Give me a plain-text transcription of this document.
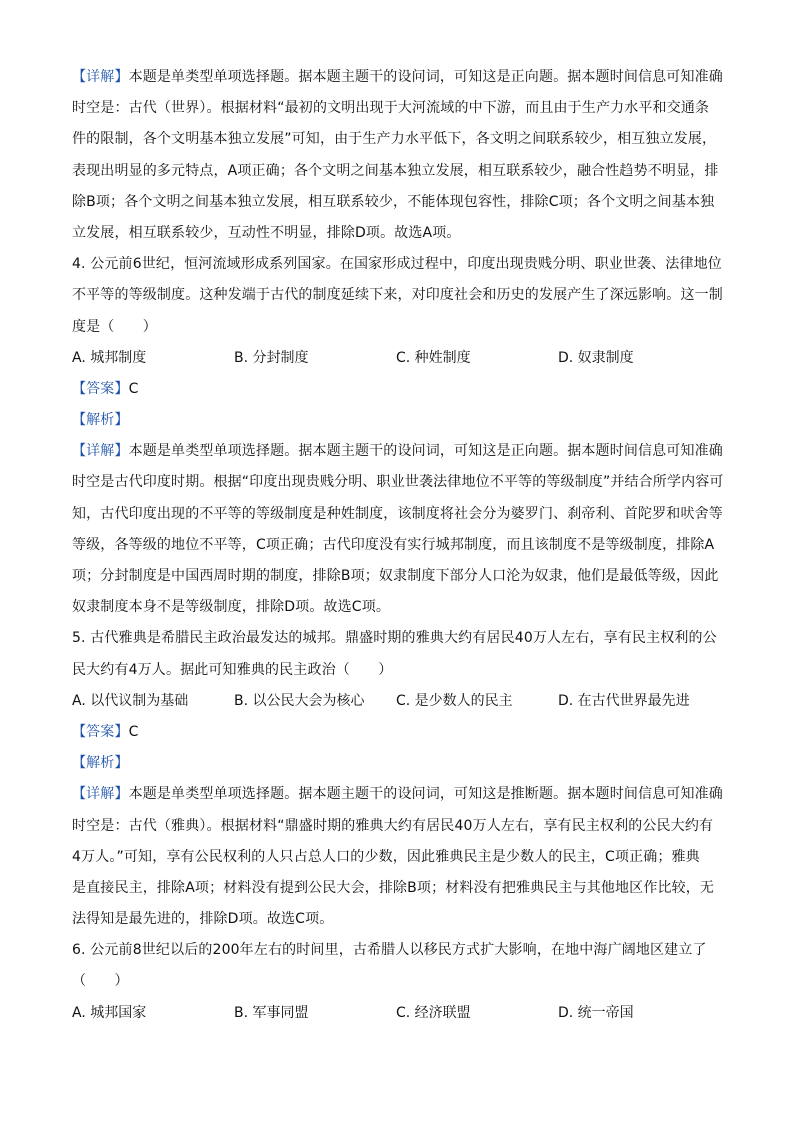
【详解】本题是单类型单项选择题。据本题主题干的设问词，可知这是正向题。据本题时间信息可知准确
时空是：古代（世界）。根据材料“最初的文明出现于大河流域的中下游，而且由于生产力水平和交通条
件的限制，各个文明基本独立发展”可知，由于生产力水平低下，各文明之间联系较少，相互独立发展，
表现出明显的多元特点，A项正确；各个文明之间基本独立发展，相互联系较少，融合性趋势不明显，排
除B项；各个文明之间基本独立发展，相互联系较少，不能体现包容性，排除C项；各个文明之间基本独
立发展，相互联系较少，互动性不明显，排除D项。故选A项。
4. 公元前6世纪，恒河流域形成系列国家。在国家形成过程中，印度出现贵贱分明、职业世袭、法律地位
不平等的等级制度。这种发端于古代的制度延续下来，对印度社会和历史的发展产生了深远影响。这一制
度是（　　）
A. 城邦制度	B. 分封制度	C. 种姓制度	D. 奴隶制度
【答案】C
【解析】
【详解】本题是单类型单项选择题。据本题主题干的设问词，可知这是正向题。据本题时间信息可知准确
时空是古代印度时期。根据“印度出现贵贱分明、职业世袭法律地位不平等的等级制度”并结合所学内容可
知，古代印度出现的不平等的等级制度是种姓制度，该制度将社会分为婆罗门、刹帝利、首陀罗和吠舍等
等级，各等级的地位不平等，C项正确；古代印度没有实行城邦制度，而且该制度不是等级制度，排除A
项；分封制度是中国西周时期的制度，排除B项；奴隶制度下部分人口沦为奴隶，他们是最低等级，因此
奴隶制度本身不是等级制度，排除D项。故选C项。
5. 古代雅典是希腊民主政治最发达的城邦。鼎盛时期的雅典大约有居民40万人左右，享有民主权利的公
民大约有4万人。据此可知雅典的民主政治（　　）
A. 以代议制为基础	B. 以公民大会为核心	C. 是少数人的民主	D. 在古代世界最先进
【答案】C
【解析】
【详解】本题是单类型单项选择题。据本题主题干的设问词，可知这是推断题。据本题时间信息可知准确
时空是：古代（雅典）。根据材料“鼎盛时期的雅典大约有居民40万人左右，享有民主权利的公民大约有
4万人。”可知，享有公民权利的人只占总人口的少数，因此雅典民主是少数人的民主，C项正确；雅典
是直接民主，排除A项；材料没有提到公民大会，排除B项；材料没有把雅典民主与其他地区作比较，无
法得知是最先进的，排除D项。故选C项。
6. 公元前8世纪以后的200年左右的时间里，古希腊人以移民方式扩大影响，在地中海广阔地区建立了
（　　）
A. 城邦国家	B. 军事同盟	C. 经济联盟	D. 统一帝国
